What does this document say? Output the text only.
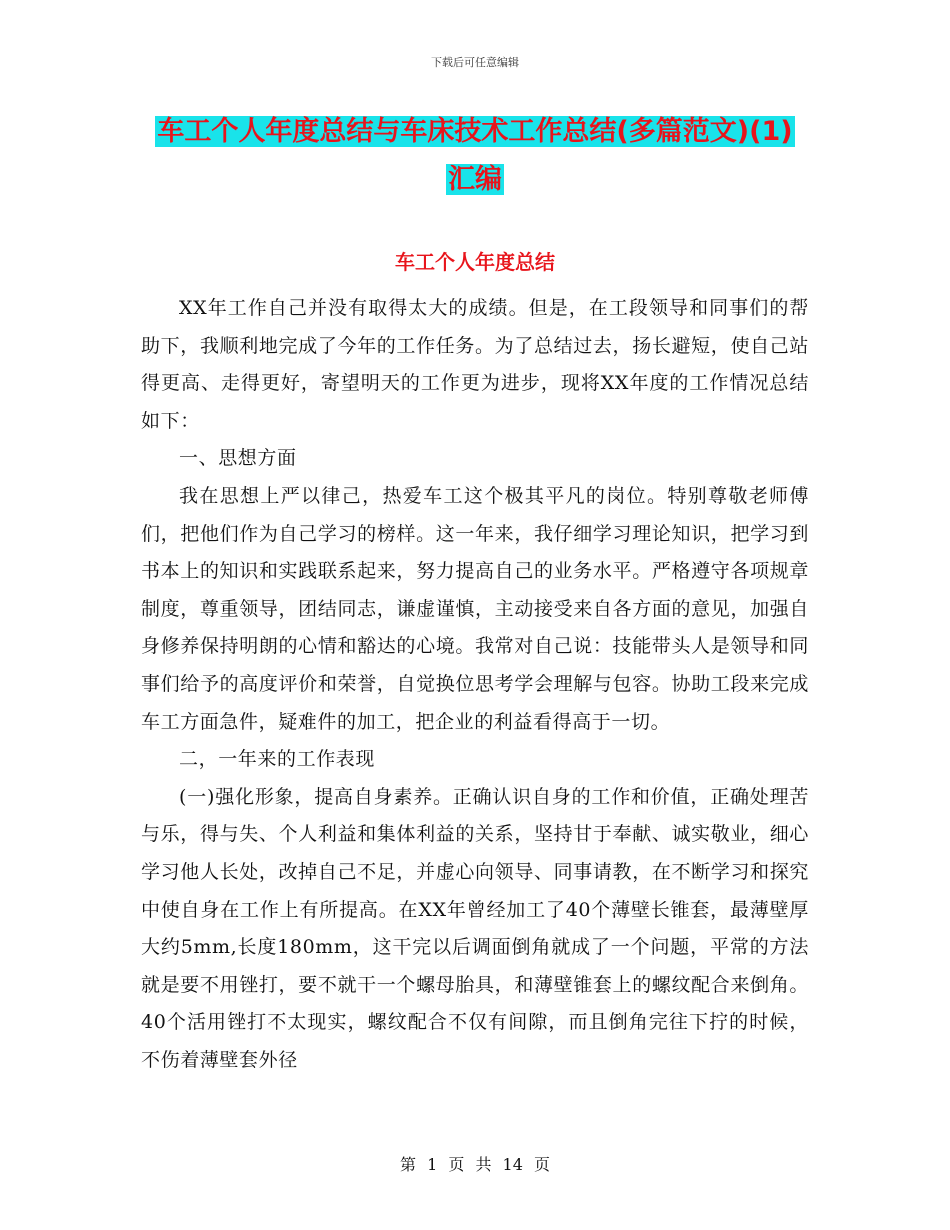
下载后可任意编辑
车工个人年度总结与车床技术工作总结(多篇范文)(1)
汇编
车工个人年度总结

XX年工作自己并没有取得太大的成绩。但是，在工段领导和同事们的帮助下，我顺利地完成了今年的工作任务。为了总结过去，扬长避短，使自己站得更高、走得更好，寄望明天的工作更为进步，现将XX年度的工作情况总结如下：

一、思想方面

我在思想上严以律己，热爱车工这个极其平凡的岗位。特别尊敬老师傅们，把他们作为自己学习的榜样。这一年来，我仔细学习理论知识，把学习到书本上的知识和实践联系起来，努力提高自己的业务水平。严格遵守各项规章制度，尊重领导，团结同志，谦虚谨慎，主动接受来自各方面的意见，加强自身修养保持明朗的心情和豁达的心境。我常对自己说：技能带头人是领导和同事们给予的高度评价和荣誉，自觉换位思考学会理解与包容。协助工段来完成车工方面急件，疑难件的加工，把企业的利益看得高于一切。

二，一年来的工作表现

(一)强化形象，提高自身素养。正确认识自身的工作和价值，正确处理苦与乐，得与失、个人利益和集体利益的关系，坚持甘于奉献、诚实敬业，细心学习他人长处，改掉自己不足，并虚心向领导、同事请教，在不断学习和探究中使自身在工作上有所提高。在XX年曾经加工了40个薄壁长锥套，最薄壁厚大约5mm,长度180mm，这干完以后调面倒角就成了一个问题，平常的方法就是要不用锉打，要不就干一个螺母胎具，和薄壁锥套上的螺纹配合来倒角。40个活用锉打不太现实，螺纹配合不仅有间隙，而且倒角完往下拧的时候，不伤着薄壁套外径

第 1 页 共 14 页
